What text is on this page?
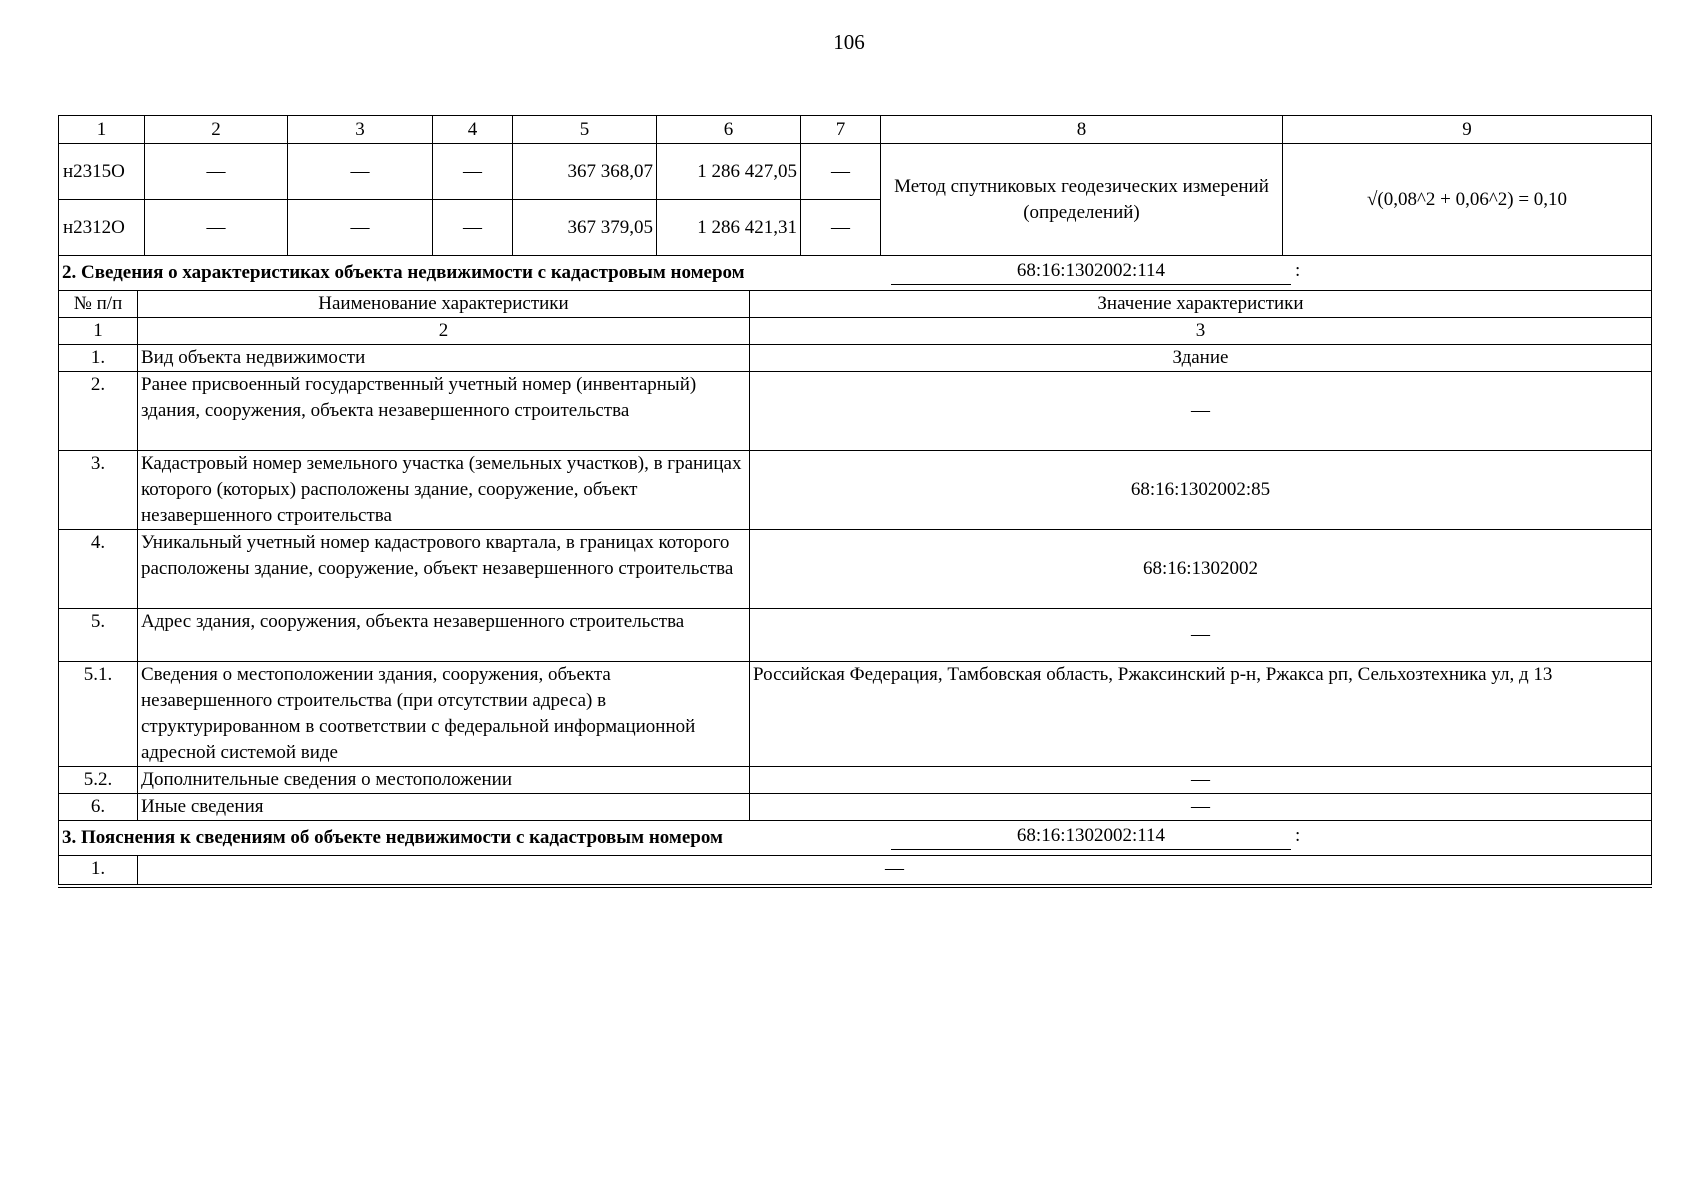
106
1	2	3	4	5	6	7	8	9
н2315О	—	—	—	367 368,07	1 286 427,05	—	Метод спутниковых геодезических измерений (определений)	√(0,08^2 + 0,06^2) = 0,10
н2312О	—	—	—	367 379,05	1 286 421,31	—		
2. Сведения о характеристиках объекта недвижимости с кадастровым номером 68:16:1302002:114 :		

№ п/п	Наименование характеристики	Значение характеристики
1	2	3
1.	Вид объекта недвижимости	Здание
2.	Ранее присвоенный государственный учетный номер (инвентарный) здания, сооружения, объекта незавершенного строительства	—
3.	Кадастровый номер земельного участка (земельных участков), в границах которого (которых) расположены здание, сооружение, объект незавершенного строительства	68:16:1302002:85
4.	Уникальный учетный номер кадастрового квартала, в границах которого расположены здание, сооружение, объект незавершенного строительства	68:16:1302002
5.	Адрес здания, сооружения, объекта незавершенного строительства	—
5.1.	Сведения о местоположении здания, сооружения, объекта незавершенного строительства (при отсутствии адреса) в структурированном в соответствии с федеральной информационной адресной системой виде	Российская Федерация, Тамбовская область, Ржаксинский р-н, Ржакса рп, Сельхозтехника ул, д 13
5.2.	Дополнительные сведения о местоположении	—
6.	Иные сведения	—
3. Пояснения к сведениям об объекте недвижимости с кадастровым номером 68:16:1302002:114 :		

1.	—	
